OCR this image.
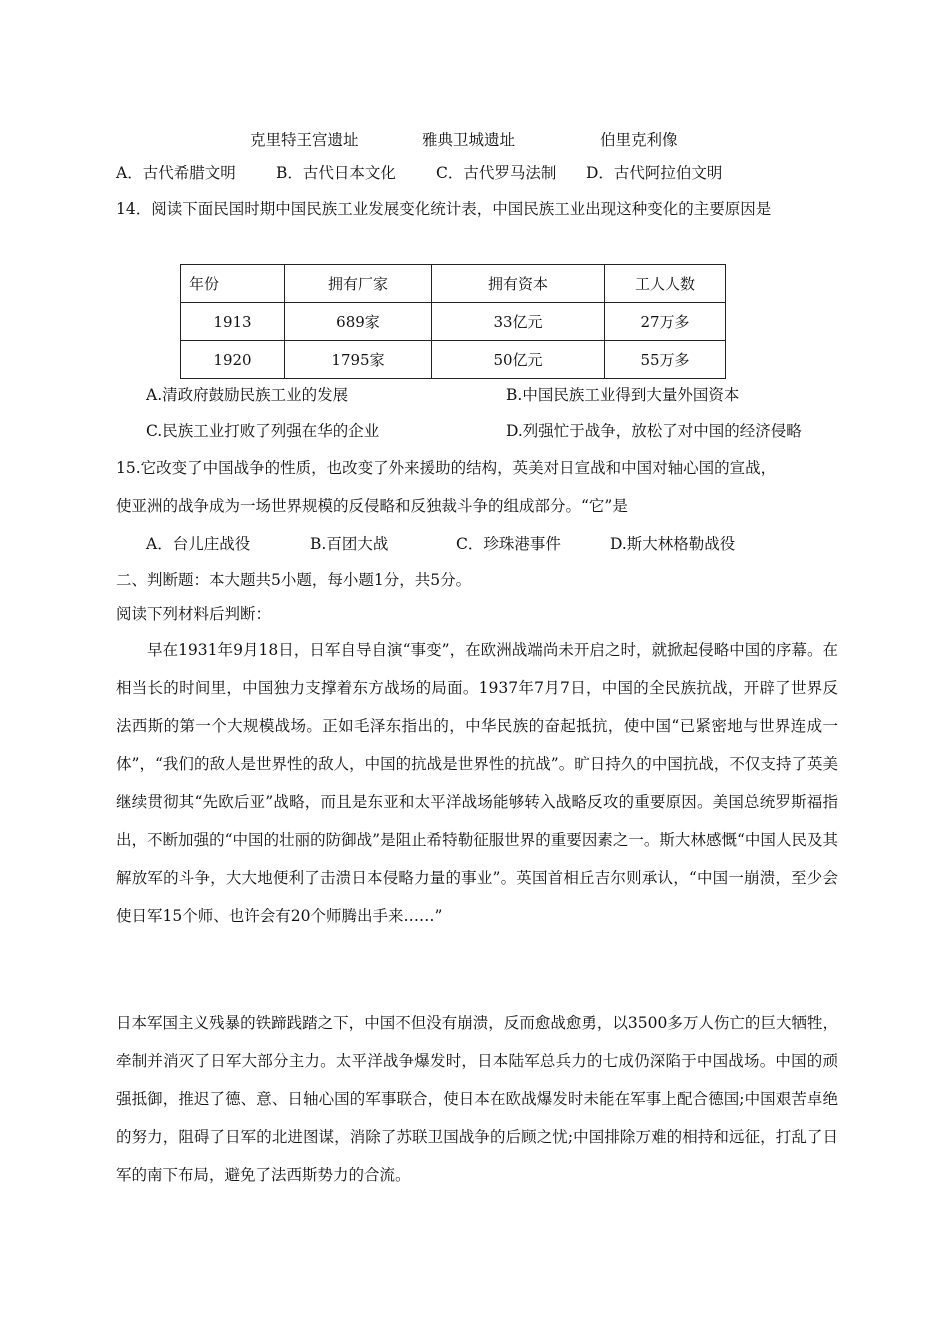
克里特王宫遗址	雅典卫城遗址	伯里克利像
A．古代希腊文明	B．古代日本文化	C．古代罗马法制 D．古代阿拉伯文明
14．阅读下面民国时期中国民族工业发展变化统计表，中国民族工业出现这种变化的主要原因是
年份	拥有厂家	拥有资本	工人人数
1913	689家	33亿元	27万多
1920	1795家	50亿元	55万多
A.清政府鼓励民族工业的发展	B.中国民族工业得到大量外国资本
C.民族工业打败了列强在华的企业	D.列强忙于战争，放松了对中国的经济侵略
15.它改变了中国战争的性质，也改变了外来援助的结构，英美对日宣战和中国对轴心国的宣战，
使亚洲的战争成为一场世界规模的反侵略和反独裁斗争的组成部分。“它”是
A．台儿庄战役	B.百团大战	C．珍珠港事件	D.斯大林格勒战役
二、判断题：本大题共5小题，每小题1分，共5分。
阅读下列材料后判断：
早在1931年9月18日，日军自导自演“事变”，在欧洲战端尚未开启之时，就掀起侵略中国的序幕。在相当长的时间里，中国独力支撑着东方战场的局面。1937年7月7日，中国的全民族抗战，开辟了世界反法西斯的第一个大规模战场。正如毛泽东指出的，中华民族的奋起抵抗，使中国“已紧密地与世界连成一体”，“我们的敌人是世界性的敌人，中国的抗战是世界性的抗战”。旷日持久的中国抗战，不仅支持了英美继续贯彻其“先欧后亚”战略，而且是东亚和太平洋战场能够转入战略反攻的重要原因。美国总统罗斯福指出，不断加强的“中国的壮丽的防御战”是阻止希特勒征服世界的重要因素之一。斯大林感慨“中国人民及其解放军的斗争，大大地便利了击溃日本侵略力量的事业”。英国首相丘吉尔则承认，“中国一崩溃，至少会使日军15个师、也许会有20个师腾出手来……”
日本军国主义残暴的铁蹄践踏之下，中国不但没有崩溃，反而愈战愈勇，以3500多万人伤亡的巨大牺牲，牵制并消灭了日军大部分主力。太平洋战争爆发时，日本陆军总兵力的七成仍深陷于中国战场。中国的顽强抵御，推迟了德、意、日轴心国的军事联合，使日本在欧战爆发时未能在军事上配合德国;中国艰苦卓绝的努力，阻碍了日军的北进图谋，消除了苏联卫国战争的后顾之忧;中国排除万难的相持和远征，打乱了日军的南下布局，避免了法西斯势力的合流。
